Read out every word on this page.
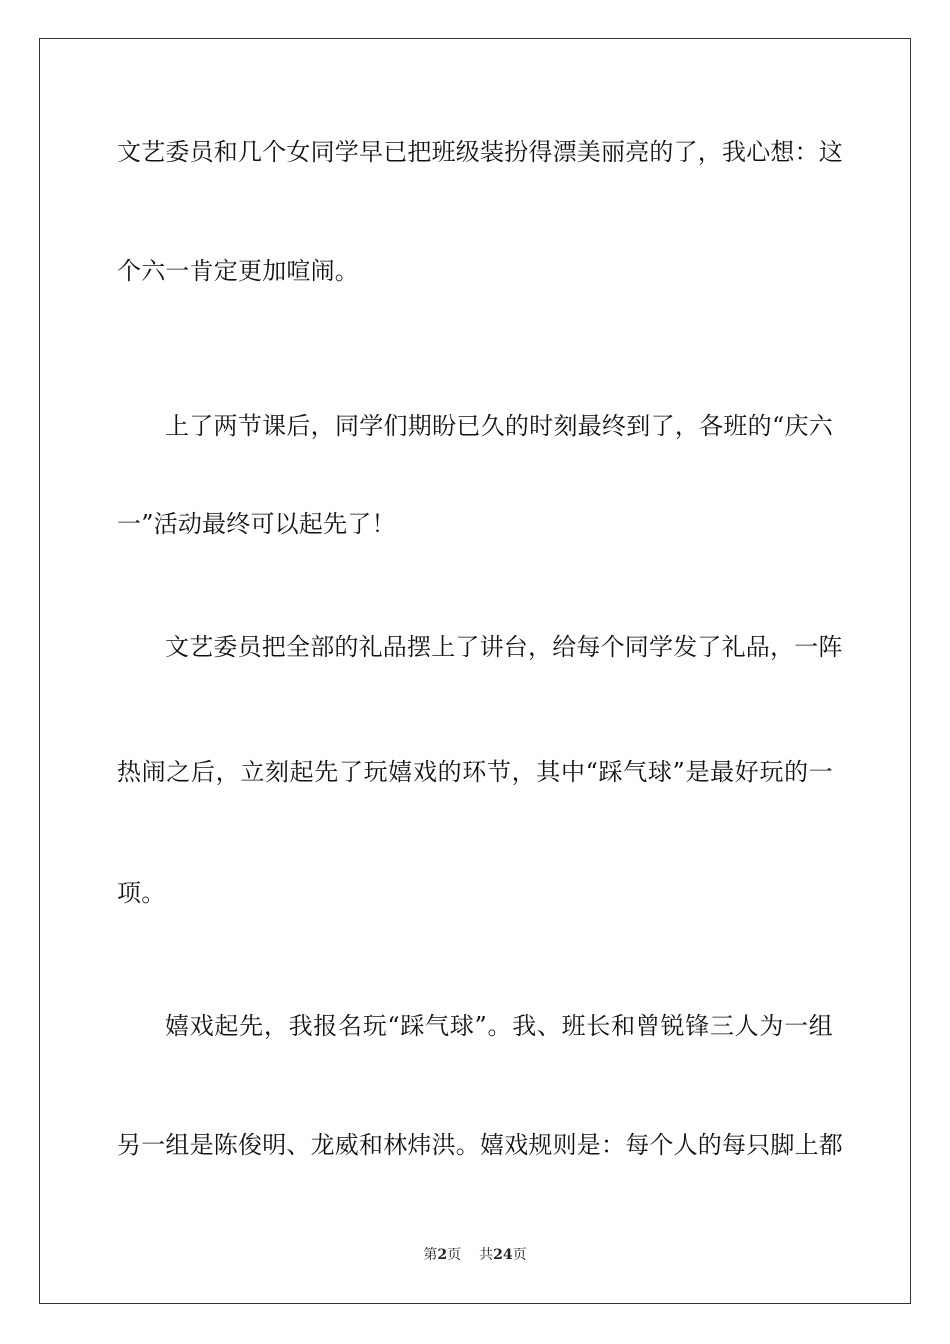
文艺委员和几个女同学早已把班级装扮得漂美丽亮的了，我心想：这
个六一肯定更加喧闹。
上了两节课后，同学们期盼已久的时刻最终到了，各班的“庆六
一”活动最终可以起先了！
文艺委员把全部的礼品摆上了讲台，给每个同学发了礼品，一阵
热闹之后，立刻起先了玩嬉戏的环节，其中“踩气球”是最好玩的一
项。
嬉戏起先，我报名玩“踩气球”。我、班长和曾锐锋三人为一组
另一组是陈俊明、龙威和林炜洪。嬉戏规则是：每个人的每只脚上都
第2页 共24页
